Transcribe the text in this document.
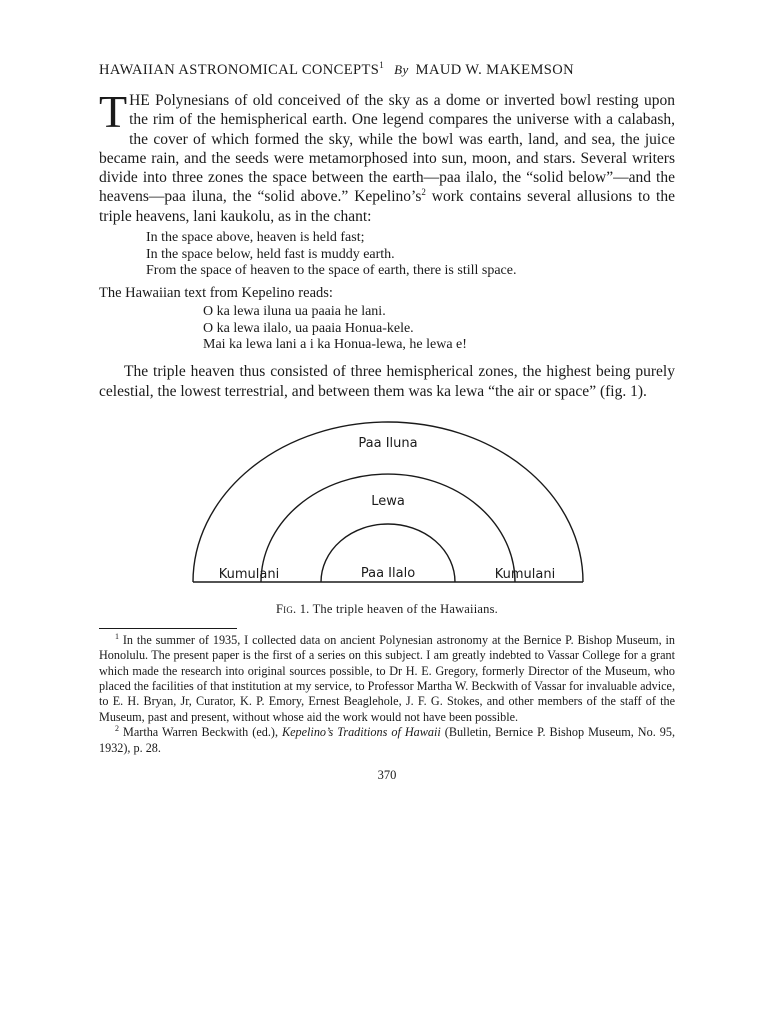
HAWAIIAN ASTRONOMICAL CONCEPTS$^1$ By MAUD W. MAKEMSON

THE Polynesians of old conceived of the sky as a dome or inverted bowl resting upon the rim of the hemispherical earth. One legend compares the universe with a calabash, the cover of which formed the sky, while the bowl was earth, land, and sea, the juice became rain, and the seeds were metamorphosed into sun, moon, and stars. Several writers divide into three zones the space between the earth—paa ilalo, the “solid below”—and the heavens—paa iluna, the “solid above.” $Kepelino’s^2$ work contains several allusions to the triple heavens, lani kaukolu, as in the chant:

In the space above, heaven is held fast;
In the space below, held fast is muddy earth.
From the space of heaven to the space of earth, there is still space.
The Hawaiian text from Kepelino reads:
O ka lewa iluna ua paaia he lani.
O ka lewa ilalo, ua paaia Honua-kele.
Mai ka lewa lani a i ka Honua-lewa, he lewa e!

The triple heaven thus consisted of three hemispherical zones, the highest being purely celestial, the lowest terrestrial, and between them was ka lewa “the air or space” (fig. 1).

Paa Iluna
Lewa
Paa Ilalo
Kumulani	Kumulani
Fig. 1. The triple heaven of the Hawaiians.

$^1$ In the summer of 1935, I collected data on ancient Polynesian astronomy at the Bernice P. Bishop Museum, in Honolulu. The present paper is the first of a series on this subject. I am greatly indebted to Vassar College for a grant which made the research into original sources possible, to Dr H. E. Gregory, formerly Director of the Museum, who placed the facilities of that institution at my service, to Professor Martha W. Beckwith of Vassar for invaluable advice, to E. H. Bryan, Jr, Curator, K. P. Emory, Ernest Beaglehole, J. F. G. Stokes, and other members of the staff of the Museum, past and present, without whose aid the work would not have been possible.

$^2$ Martha Warren Beckwith (ed.), Kepelino’s Traditions of Hawaii (Bulletin, Bernice P. Bishop Museum, No. 95, 1932), p. 28.

370
